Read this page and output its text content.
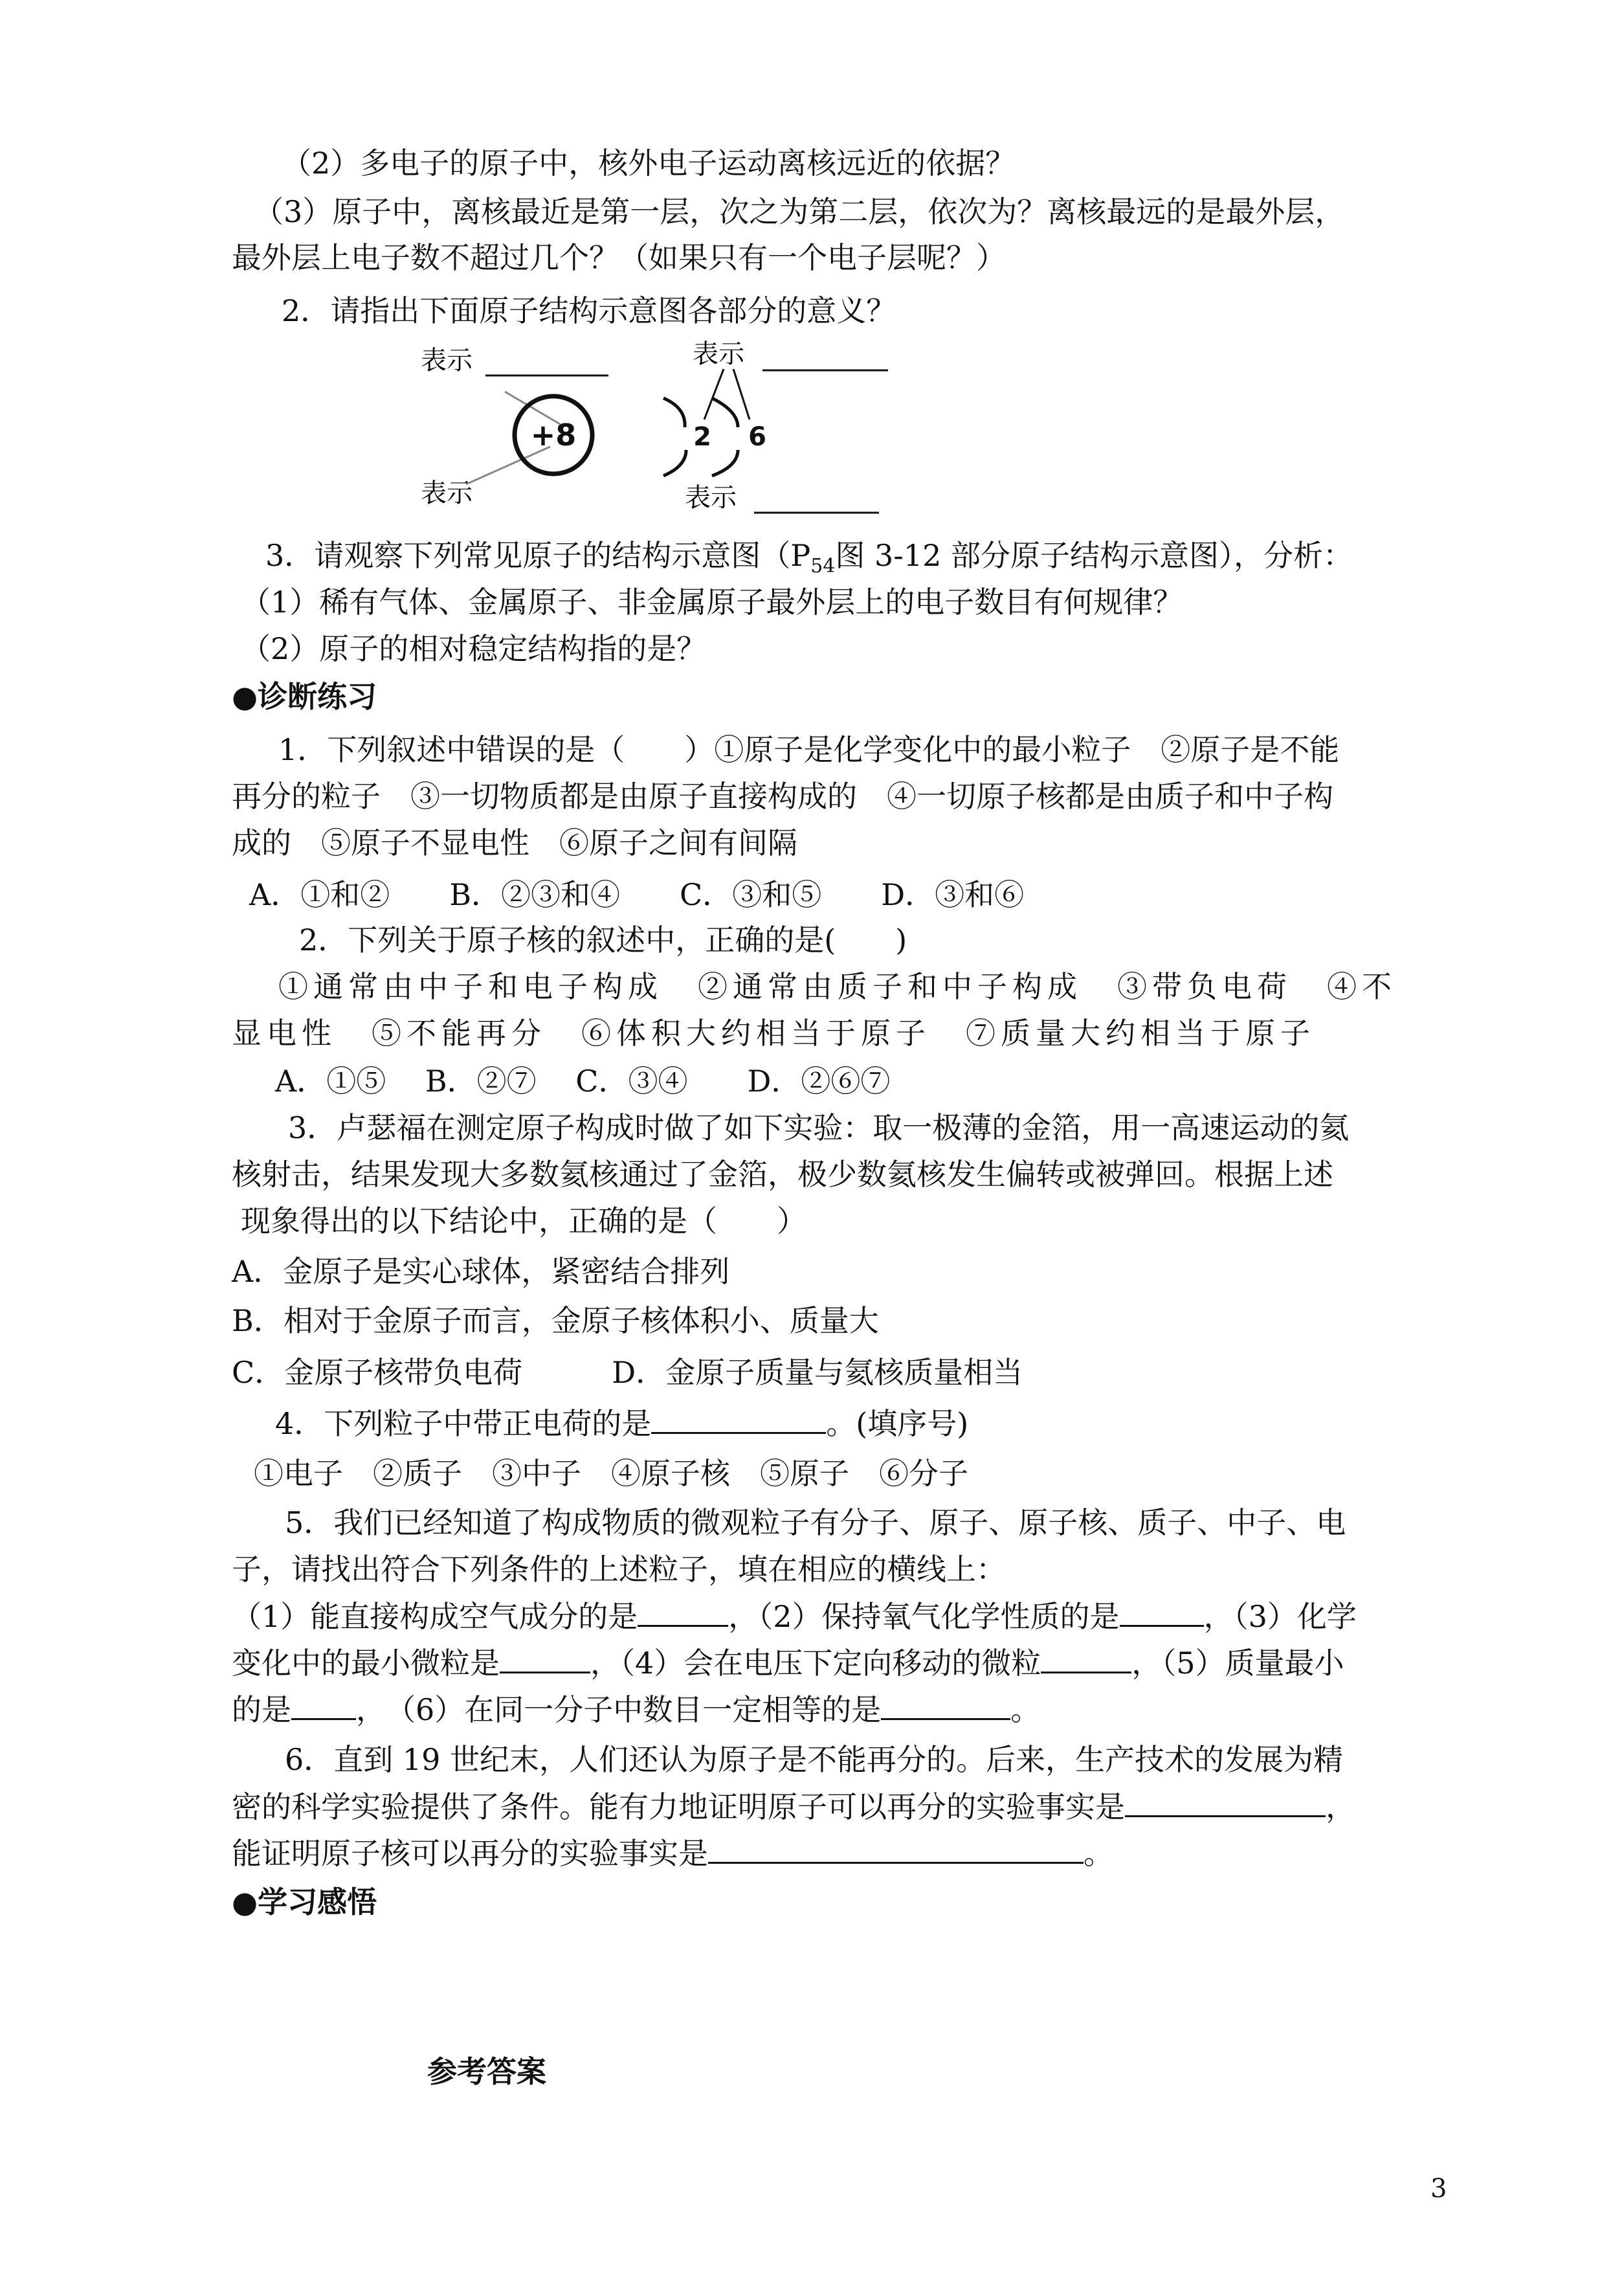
（2）多电子的原子中，核外电子运动离核远近的依据？

（3）原子中，离核最近是第一层，次之为第二层，依次为？离核最远的是最外层，

最外层上电子数不超过几个？（如果只有一个电子层呢？）

2．请指出下面原子结构示意图各部分的意义？

表示	表示
表示	表示
+8	2 6

3．请观察下列常见原子的结构示意图（$P_{54}$图 3-12 部分原子结构示意图），分析：

（1）稀有气体、金属原子、非金属原子最外层上的电子数目有何规律？

（2）原子的相对稳定结构指的是？

●诊断练习

1．下列叙述中错误的是（　　）①原子是化学变化中的最小粒子　②原子是不能

再分的粒子　③一切物质都是由原子直接构成的　④一切原子核都是由质子和中子构

成的　⑤原子不显电性　⑥原子之间有间隔

A．①和②　　B．②③和④　　C．③和⑤　　D．③和⑥

2．下列关于原子核的叙述中，正确的是(　　)

①通常由中子和电子构成　②通常由质子和中子构成　③带负电荷　④不

显电性　⑤不能再分　⑥体积大约相当于原子　⑦质量大约相当于原子

A．①⑤　 B．②⑦　 C．③④　　D．②⑥⑦

3．卢瑟福在测定原子构成时做了如下实验：取一极薄的金箔，用一高速运动的氦

核射击，结果发现大多数氦核通过了金箔，极少数氦核发生偏转或被弹回。根据上述

现象得出的以下结论中，正确的是（　　）

A．金原子是实心球体，紧密结合排列

B．相对于金原子而言，金原子核体积小、质量大

C．金原子核带负电荷　　　D．金原子质量与氦核质量相当

4．下列粒子中带正电荷的是	。(填序号)

①电子　②质子　③中子　④原子核　⑤原子　⑥分子

5．我们已经知道了构成物质的微观粒子有分子、原子、原子核、质子、中子、电

子，请找出符合下列条件的上述粒子，填在相应的横线上：

（1）能直接构成空气成分的是	，（2）保持氧气化学性质的是	，（3）化学

变化中的最小微粒是	，（4）会在电压下定向移动的微粒	，（5）质量最小

的是 ，　（6）在同一分子中数目一定相等的是	。

6．直到 19 世纪末，人们还认为原子是不能再分的。后来，生产技术的发展为精

密的科学实验提供了条件。能有力地证明原子可以再分的实验事实是	，

能证明原子核可以再分的实验事实是	。

●学习感悟

参考答案

3
